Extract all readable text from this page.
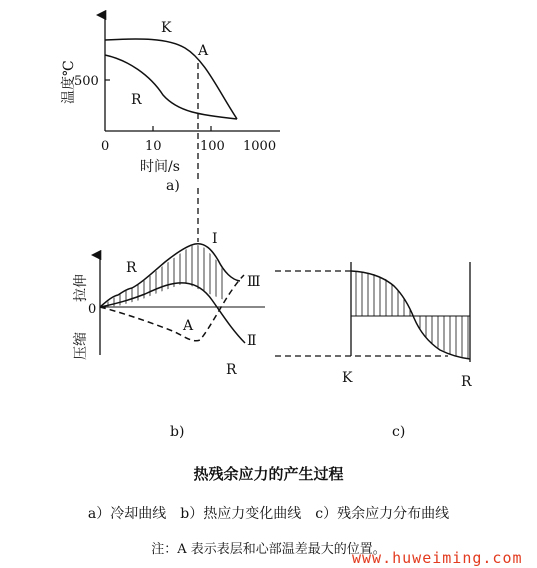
K
A
R
温度℃
500
0	10	100 1000
时间/s
a)
R
I
Ⅲ
Ⅱ
A
R
0
拉伸
压缩
b)
K	R
c)
热残余应力的产生过程
a）冷却曲线　b）热应力变化曲线　c）残余应力分布曲线
注：A 表示表层和心部温差最大的位置。
www.huweiming.com
